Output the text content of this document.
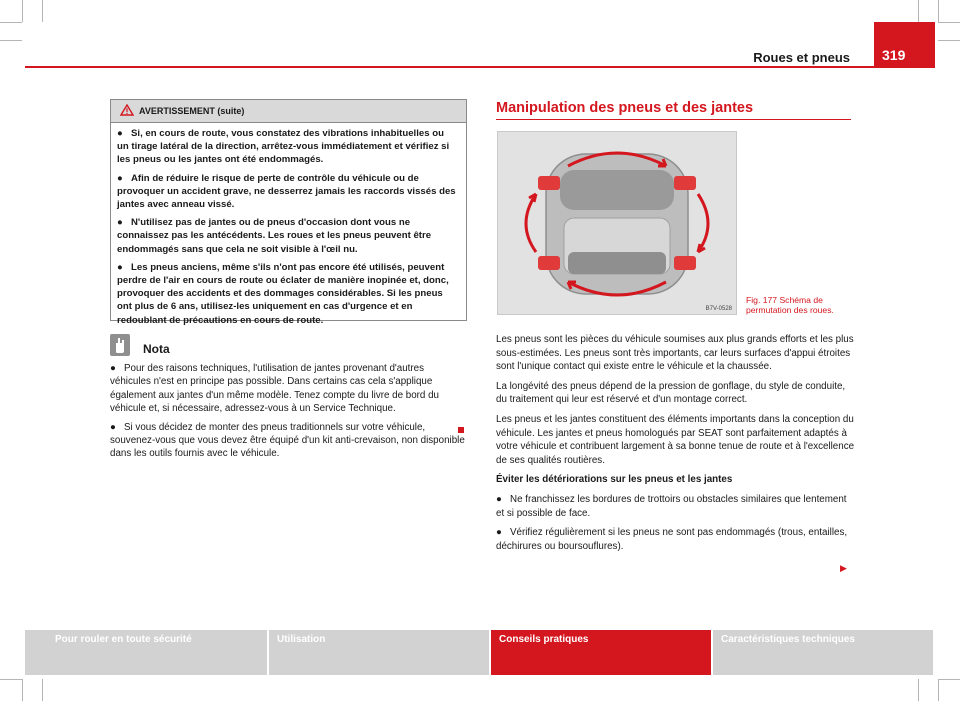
Roues et pneus	319
AVERTISSEMENT (suite)

● Si, en cours de route, vous constatez des vibrations inhabituelles ou un tirage latéral de la direction, arrêtez-vous immédiatement et vérifiez si les pneus ou les jantes ont été endommagés.

● Afin de réduire le risque de perte de contrôle du véhicule ou de provoquer un accident grave, ne desserrez jamais les raccords vissés des jantes avec anneau vissé.

● N'utilisez pas de jantes ou de pneus d'occasion dont vous ne connaissez pas les antécédents. Les roues et les pneus peuvent être endommagés sans que cela ne soit visible à l'œil nu.

● Les pneus anciens, même s'ils n'ont pas encore été utilisés, peuvent perdre de l'air en cours de route ou éclater de manière inopinée et, donc, provoquer des accidents et des dommages considérables. Si les pneus ont plus de 6 ans, utilisez-les uniquement en cas d'urgence et en redoublant de précautions en cours de route.

Nota

● Pour des raisons techniques, l'utilisation de jantes provenant d'autres véhicules n'est en principe pas possible. Dans certains cas cela s'applique également aux jantes d'un même modèle. Tenez compte du livre de bord du véhicule et, si nécessaire, adressez-vous à un Service Technique.

● Si vous décidez de monter des pneus traditionnels sur votre véhicule, souvenez-vous que vous devez être équipé d'un kit anti-crevaison, non disponible dans les outils fournis avec le véhicule.

Manipulation des pneus et des jantes
B7V-0528
Fig. 177 Schéma de permutation des roues.

Les pneus sont les pièces du véhicule soumises aux plus grands efforts et les plus sous-estimées. Les pneus sont très importants, car leurs surfaces d'appui étroites sont l'unique contact qui existe entre le véhicule et la chaussée.

La longévité des pneus dépend de la pression de gonflage, du style de conduite, du traitement qui leur est réservé et d'un montage correct.

Les pneus et les jantes constituent des éléments importants dans la conception du véhicule. Les jantes et pneus homologués par SEAT sont parfaitement adaptés à votre véhicule et contribuent largement à sa bonne tenue de route et à l'excellence de ses qualités routières.

Éviter les détériorations sur les pneus et les jantes

● Ne franchissez les bordures de trottoirs ou obstacles similaires que lentement et si possible de face.

● Vérifiez régulièrement si les pneus ne sont pas endommagés (trous, entailles, déchirures ou boursouflures).

▶
Pour rouler en toute sécurité	Utilisation	Conseils pratiques	Caractéristiques techniques
